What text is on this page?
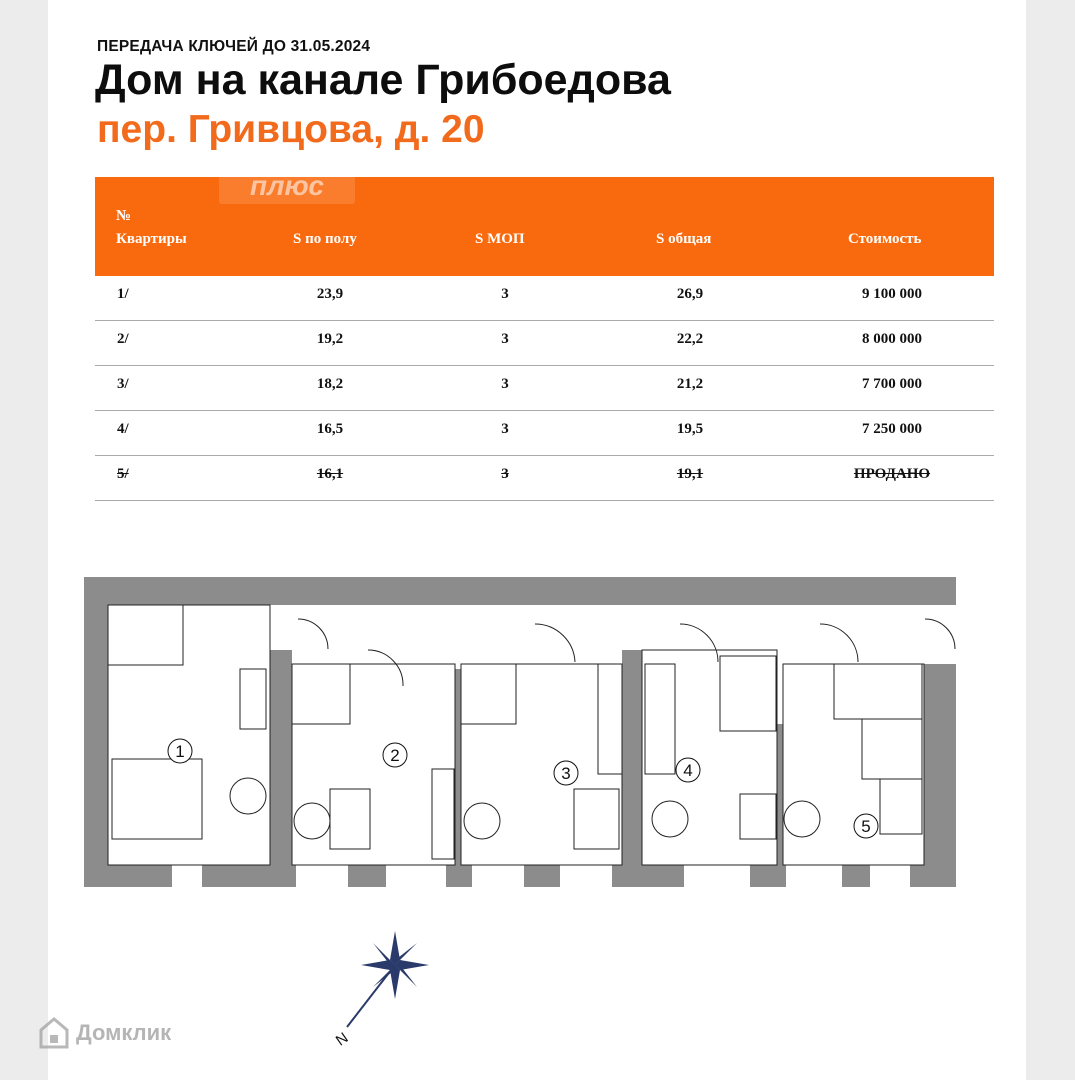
ПЕРЕДАЧА КЛЮЧЕЙ ДО 31.05.2024
Дом на канале Грибоедова
пер. Гривцова, д. 20
плюс
№
Квартиры	S по полу	S МОП	S общая	Стоимость
1/	23,9	3	26,9	9 100 000
2/	19,2	3	22,2	8 000 000
3/	18,2	3	21,2	7 700 000
4/	16,5	3	19,5	7 250 000
5/	16,1	3	19,1	ПРОДАНО
1	2
3	4
5
N
Домклик
